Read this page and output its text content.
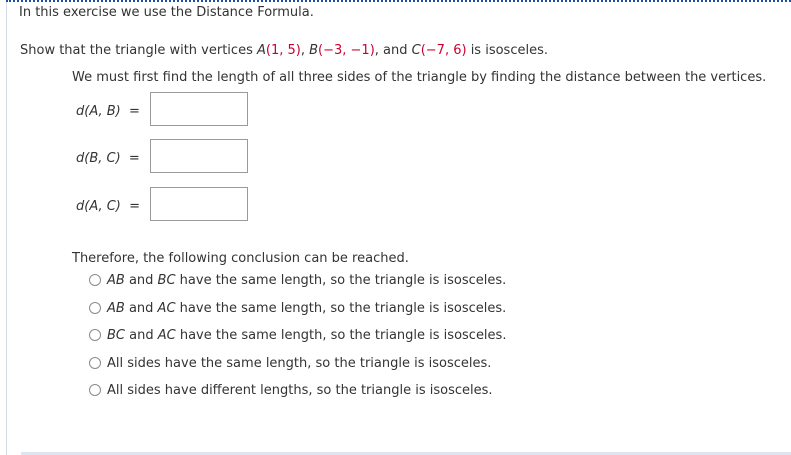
In this exercise we use the Distance Formula.
Show that the triangle with vertices A(1, 5), B(−3, −1), and C(−7, 6) is isosceles.
We must first find the length of all three sides of the triangle by finding the distance between the vertices.
d(A, B) =
d(B, C) =
d(A, C) =
Therefore, the following conclusion can be reached.
AB and BC have the same length, so the triangle is isosceles.
AB and AC have the same length, so the triangle is isosceles.
BC and AC have the same length, so the triangle is isosceles.
All sides have the same length, so the triangle is isosceles.
All sides have different lengths, so the triangle is isosceles.
